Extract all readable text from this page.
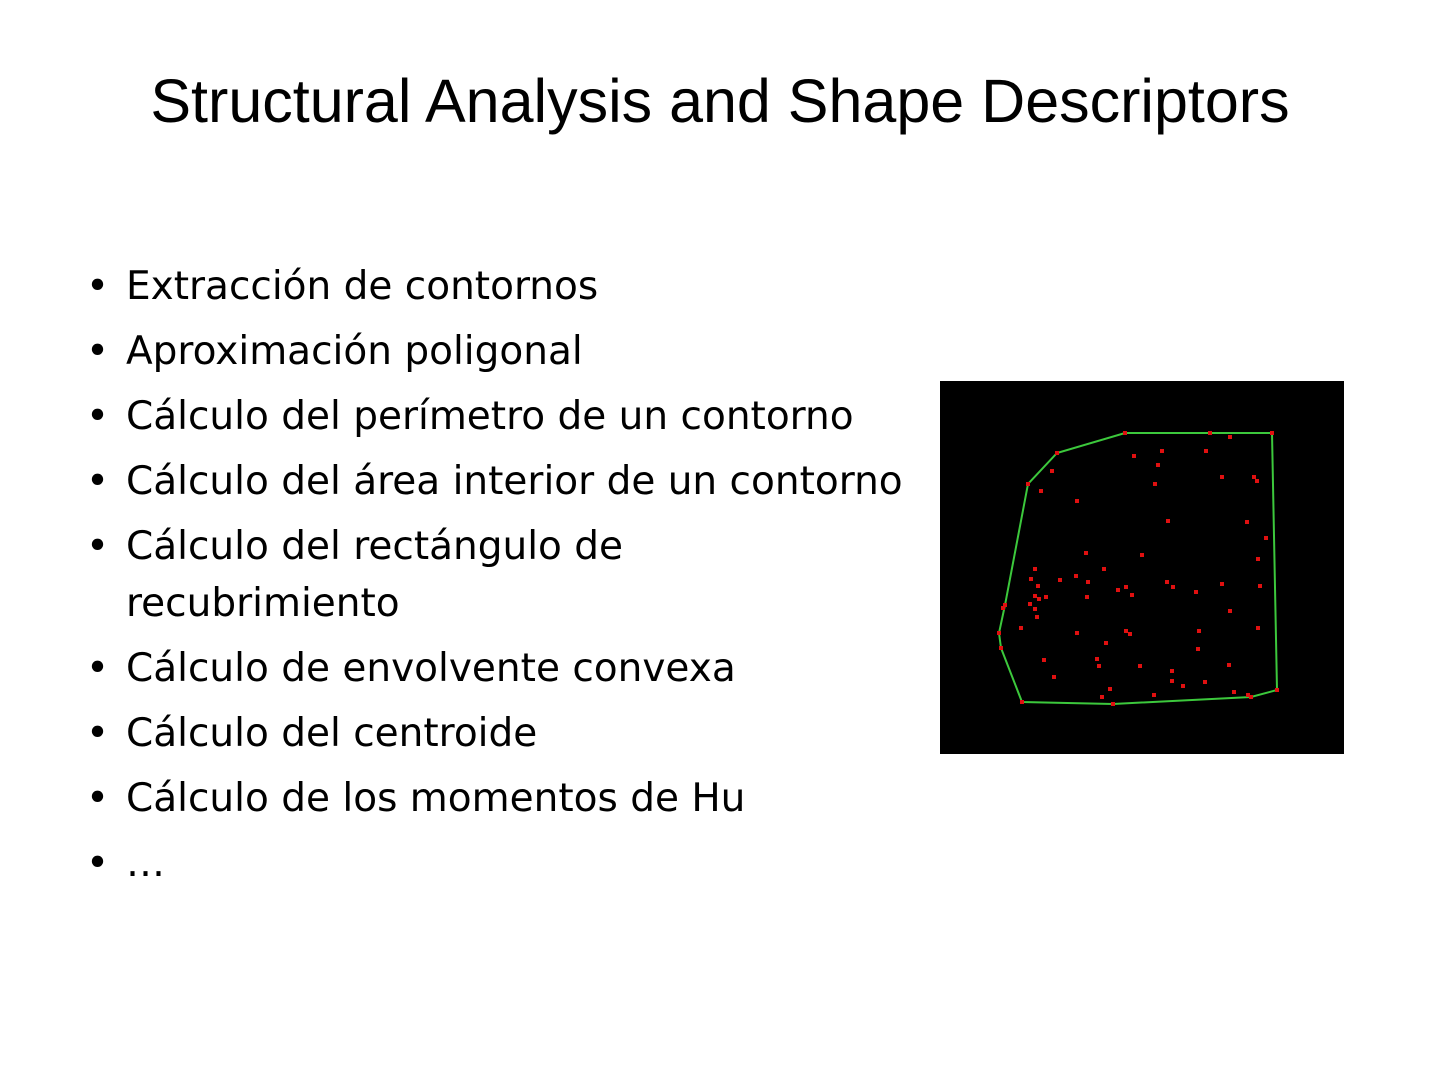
Structural Analysis and Shape Descriptors
• Extracción de contornos
• Aproximación poligonal
• Cálculo del perímetro de un contorno
• Cálculo del área interior de un contorno
• Cálculo del rectángulo de recubrimiento
• Cálculo de envolvente convexa
• Cálculo del centroide
• Cálculo de los momentos de Hu
• …
